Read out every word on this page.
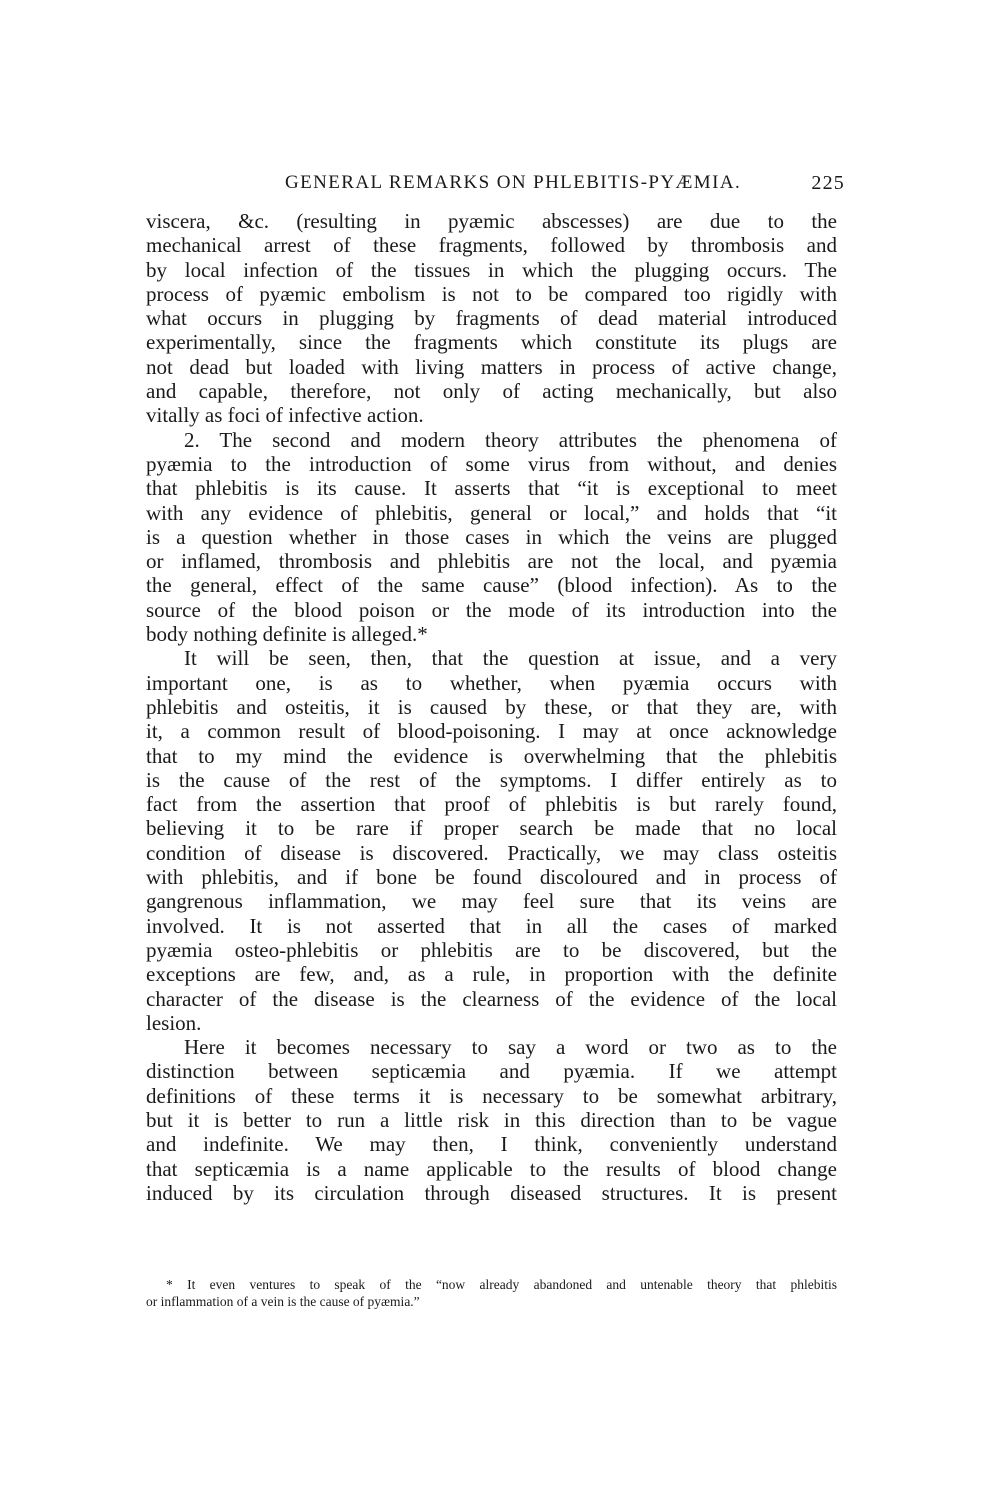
GENERAL REMARKS ON PHLEBITIS-PYÆMIA.	225
viscera, &c. (resulting in pyæmic abscesses) are due to the
mechanical arrest of these fragments, followed by thrombosis and
by local infection of the tissues in which the plugging occurs. The
process of pyæmic embolism is not to be compared too rigidly with
what occurs in plugging by fragments of dead material introduced
experimentally, since the fragments which constitute its plugs are
not dead but loaded with living matters in process of active change,
and capable, therefore, not only of acting mechanically, but also
vitally as foci of infective action.
2. The second and modern theory attributes the phenomena of
pyæmia to the introduction of some virus from without, and denies
that phlebitis is its cause. It asserts that “it is exceptional to meet
with any evidence of phlebitis, general or local,” and holds that “it
is a question whether in those cases in which the veins are plugged
or inflamed, thrombosis and phlebitis are not the local, and pyæmia
the general, effect of the same cause” (blood infection). As to the
source of the blood poison or the mode of its introduction into the
body nothing definite is alleged.*
It will be seen, then, that the question at issue, and a very
important one, is as to whether, when pyæmia occurs with
phlebitis and osteitis, it is caused by these, or that they are, with
it, a common result of blood-poisoning. I may at once acknowledge
that to my mind the evidence is overwhelming that the phlebitis
is the cause of the rest of the symptoms. I differ entirely as to
fact from the assertion that proof of phlebitis is but rarely found,
believing it to be rare if proper search be made that no local
condition of disease is discovered. Practically, we may class osteitis
with phlebitis, and if bone be found discoloured and in process of
gangrenous inflammation, we may feel sure that its veins are
involved. It is not asserted that in all the cases of marked
pyæmia osteo-phlebitis or phlebitis are to be discovered, but the
exceptions are few, and, as a rule, in proportion with the definite
character of the disease is the clearness of the evidence of the local
lesion.
Here it becomes necessary to say a word or two as to the
distinction between septicæmia and pyæmia. If we attempt
definitions of these terms it is necessary to be somewhat arbitrary,
but it is better to run a little risk in this direction than to be vague
and indefinite. We may then, I think, conveniently understand
that septicæmia is a name applicable to the results of blood change
induced by its circulation through diseased structures. It is present
* It even ventures to speak of the “now already abandoned and untenable theory that phlebitis
or inflammation of a vein is the cause of pyæmia.”
